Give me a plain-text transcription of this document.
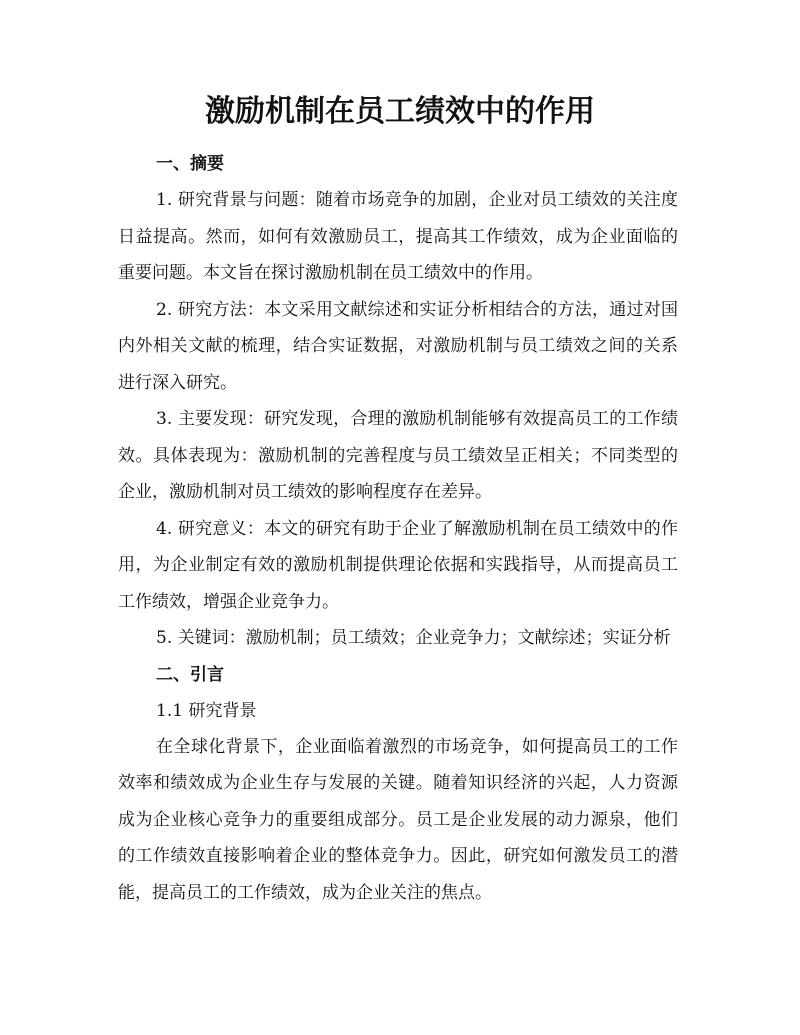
激励机制在员工绩效中的作用
一、摘要

1. 研究背景与问题：随着市场竞争的加剧，企业对员工绩效的关注度日益提高。然而，如何有效激励员工，提高其工作绩效，成为企业面临的重要问题。本文旨在探讨激励机制在员工绩效中的作用。

2. 研究方法：本文采用文献综述和实证分析相结合的方法，通过对国内外相关文献的梳理，结合实证数据，对激励机制与员工绩效之间的关系进行深入研究。

3. 主要发现：研究发现，合理的激励机制能够有效提高员工的工作绩效。具体表现为：激励机制的完善程度与员工绩效呈正相关；不同类型的企业，激励机制对员工绩效的影响程度存在差异。

4. 研究意义：本文的研究有助于企业了解激励机制在员工绩效中的作用，为企业制定有效的激励机制提供理论依据和实践指导，从而提高员工工作绩效，增强企业竞争力。

5. 关键词：激励机制；员工绩效；企业竞争力；文献综述；实证分析

二、引言
1.1 研究背景

在全球化背景下，企业面临着激烈的市场竞争，如何提高员工的工作效率和绩效成为企业生存与发展的关键。随着知识经济的兴起，人力资源成为企业核心竞争力的重要组成部分。员工是企业发展的动力源泉，他们的工作绩效直接影响着企业的整体竞争力。因此，研究如何激发员工的潜能，提高员工的工作绩效，成为企业关注的焦点。
